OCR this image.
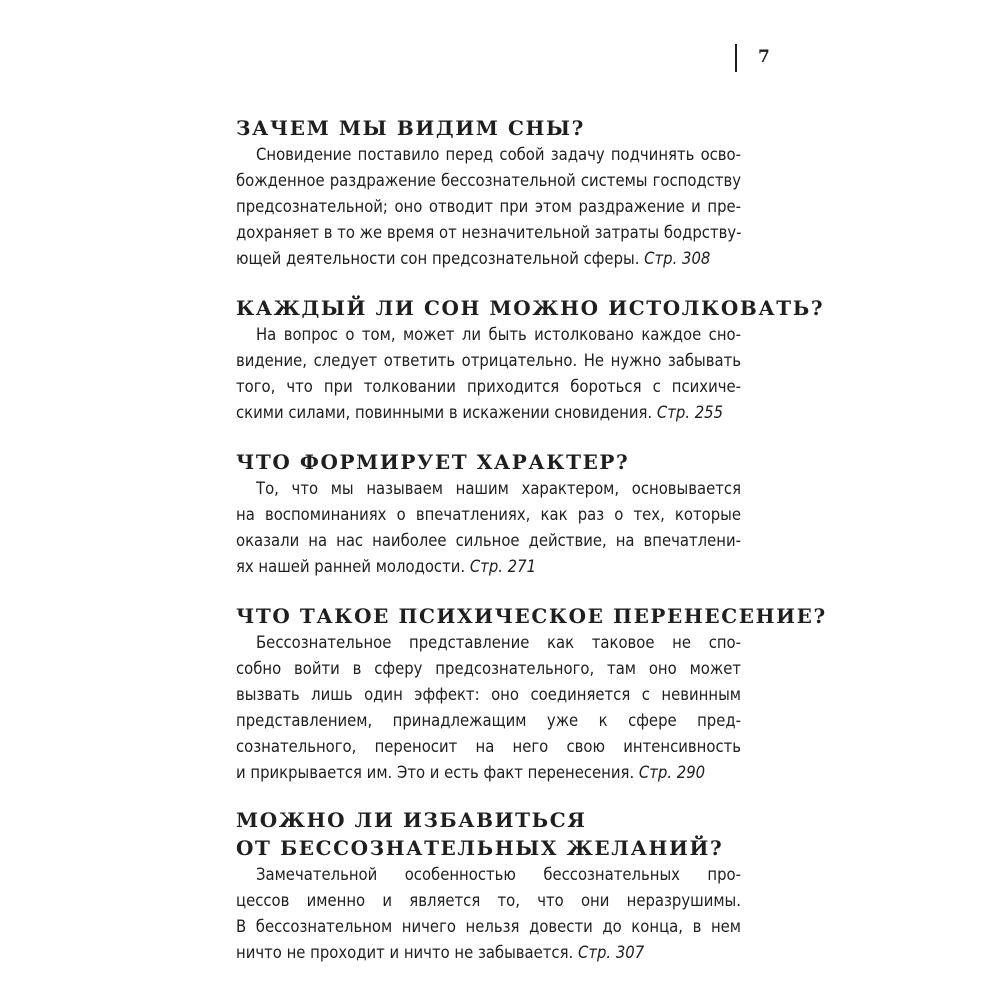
7
ЗАЧЕМ МЫ ВИДИМ СНЫ?
Сновидение поставило перед собой задачу подчинять осво-
божденное раздражение бессознательной системы господству
предсознательной; оно отводит при этом раздражение и пре-
дохраняет в то же время от незначительной затраты бодрству-
ющей деятельности сон предсознательной сферы. Стр. 308
КАЖДЫЙ ЛИ СОН МОЖНО ИСТОЛКОВАТЬ?
На вопрос о том, может ли быть истолковано каждое сно-
видение, следует ответить отрицательно. Не нужно забывать
того, что при толковании приходится бороться с психиче-
скими силами, повинными в искажении сновидения. Стр. 255
ЧТО ФОРМИРУЕТ ХАРАКТЕР?
То, что мы называем нашим характером, основывается
на воспоминаниях о впечатлениях, как раз о тех, которые
оказали на нас наиболее сильное действие, на впечатлени-
ях нашей ранней молодости. Стр. 271
ЧТО ТАКОЕ ПСИХИЧЕСКОЕ ПЕРЕНЕСЕНИЕ?
Бессознательное представление как таковое не спо-
собно войти в сферу предсознательного, там оно может
вызвать лишь один эффект: оно соединяется с невинным
представлением, принадлежащим уже к сфере пред-
сознательного, переносит на него свою интенсивность
и прикрывается им. Это и есть факт перенесения. Стр. 290
МОЖНО ЛИ ИЗБАВИТЬСЯ
ОТ БЕССОЗНАТЕЛЬНЫХ ЖЕЛАНИЙ?
Замечательной особенностью бессознательных про-
цессов именно и является то, что они неразрушимы.
В бессознательном ничего нельзя довести до конца, в нем
ничто не проходит и ничто не забывается. Стр. 307
